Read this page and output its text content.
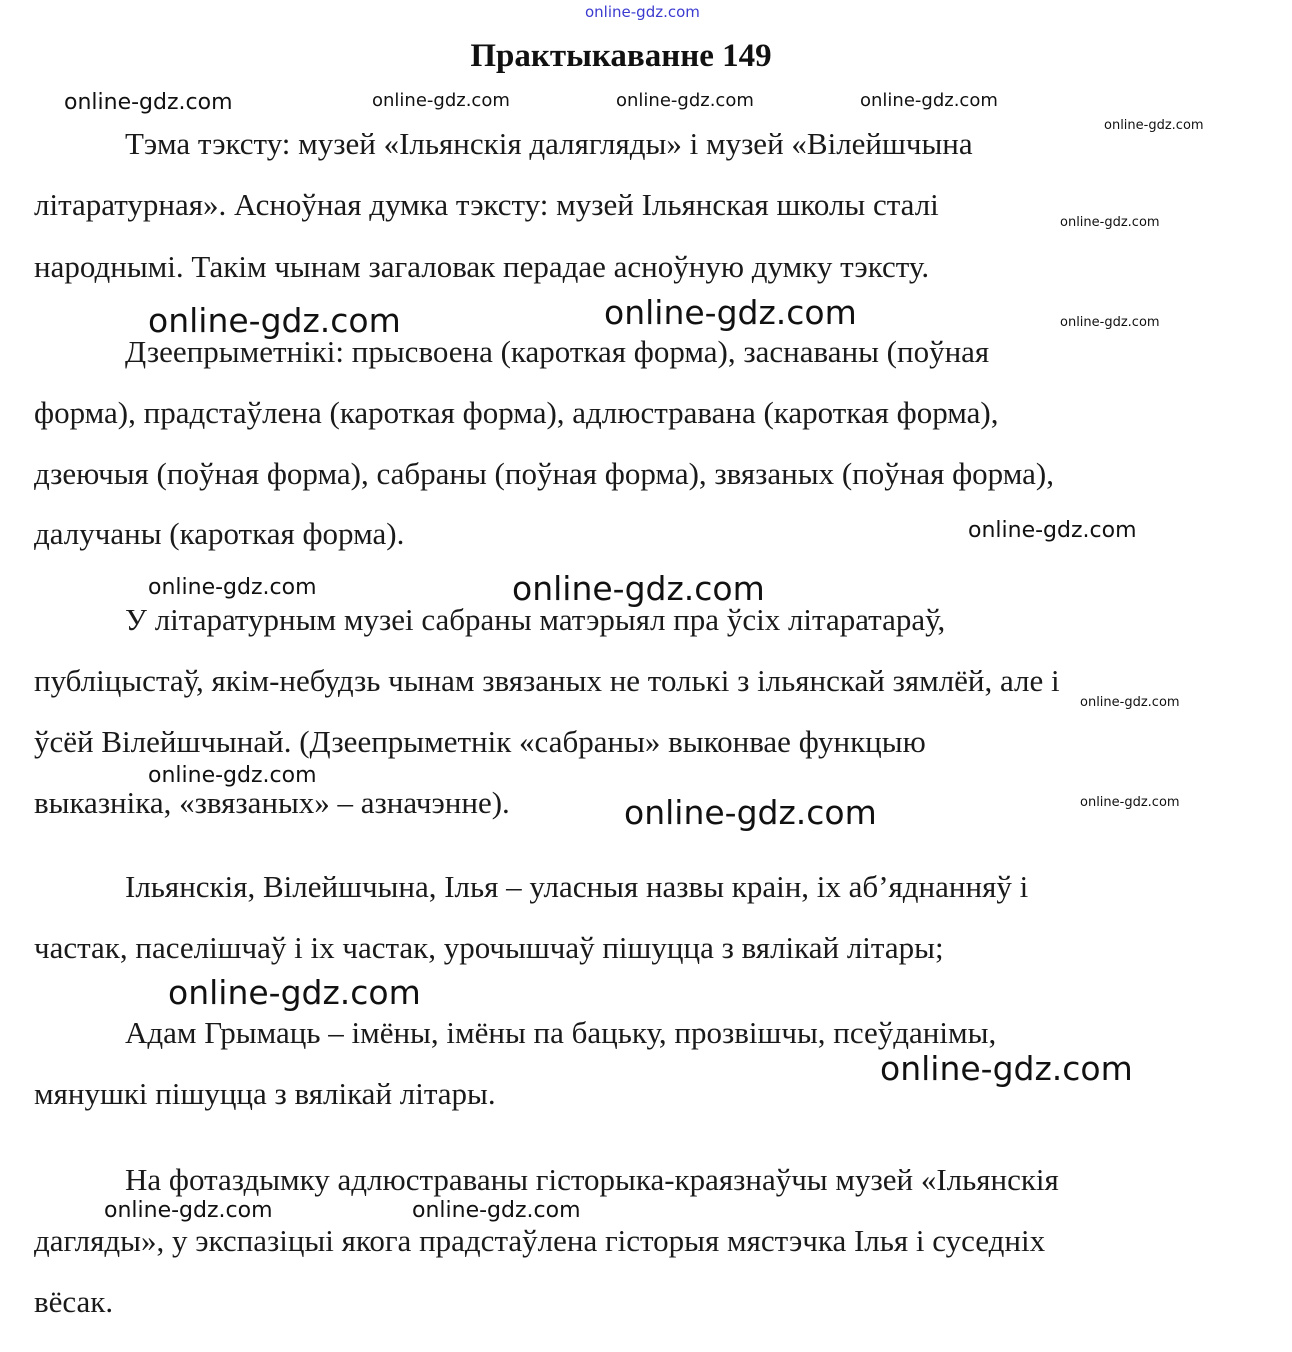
online-gdz.com
Практыкаванне 149
Тэма тэксту: музей «Ільянскія далягляды» і музей «Вілейшчына
літаратурная». Асноўная думка тэксту: музей Ільянская школы сталі
народнымі. Такім чынам загаловак перадае асноўную думку тэксту.
Дзеепрыметнікі: прысвоена (кароткая форма), заснаваны (поўная
форма), прадстаўлена (кароткая форма), адлюстравана (кароткая форма),
дзеючыя (поўная форма), сабраны (поўная форма), звязаных (поўная форма),
далучаны (кароткая форма).
У літаратурным музеі сабраны матэрыял пра ўсіх літаратараў,
публіцыстаў, якім-небудзь чынам звязаных не толькі з ільянскай зямлёй, але і
ўсёй Вілейшчынай. (Дзеепрыметнік «сабраны» выконвае функцыю
выказніка, «звязаных» – азначэнне).
Ільянскія, Вілейшчына, Ілья – уласныя назвы краін, іх аб’яднанняў і
частак, паселішчаў і іх частак, урочышчаў пішуцца з вялікай літары;
Адам Грымаць – імёны, імёны па бацьку, прозвішчы, псеўданімы,
мянушкі пішуцца з вялікай літары.
На фотаздымку адлюстраваны гісторыка-краязнаўчы музей «Ільянскія
дагляды», у экспазіцыі якога прадстаўлена гісторыя мястэчка Ілья і суседніх
вёсак.
online-gdz.com	online-gdz.com	online-gdz.com	online-gdz.com
online-gdz.com
online-gdz.com
online-gdz.com	online-gdz.com	online-gdz.com
online-gdz.com
online-gdz.com	online-gdz.com
online-gdz.com
online-gdz.com
online-gdz.com	online-gdz.com
online-gdz.com
online-gdz.com
online-gdz.com	online-gdz.com
